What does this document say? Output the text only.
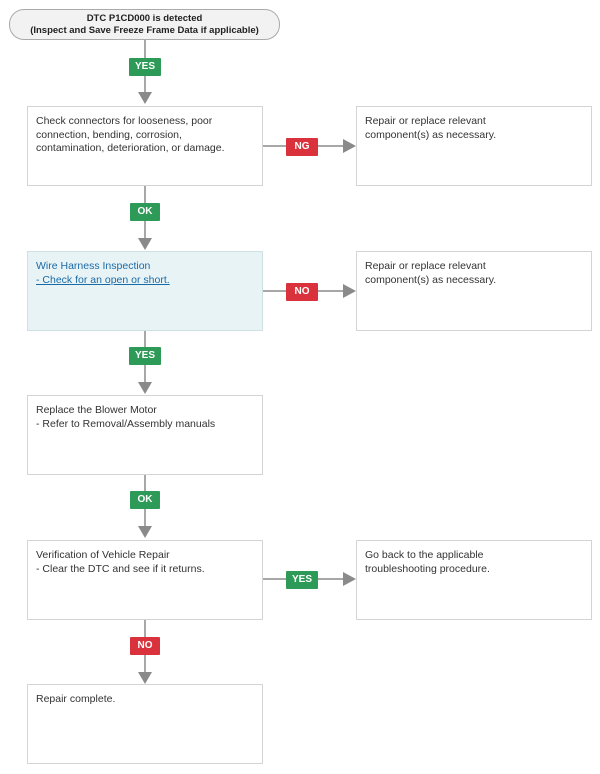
DTC P1CD000 is detected
(Inspect and Save Freeze Frame Data if applicable)
YES
OK
YES
OK
NO
NG
NO
YES
Check connectors for looseness, poor
connection, bending, corrosion,
contamination, deterioration, or damage.
Repair or replace relevant
component(s) as necessary.
Wire Harness Inspection
- Check for an open or short.
Repair or replace relevant
component(s) as necessary.
Replace the Blower Motor
- Refer to Removal/Assembly manuals
Verification of Vehicle Repair
- Clear the DTC and see if it returns.
Go back to the applicable
troubleshooting procedure.
Repair complete.
